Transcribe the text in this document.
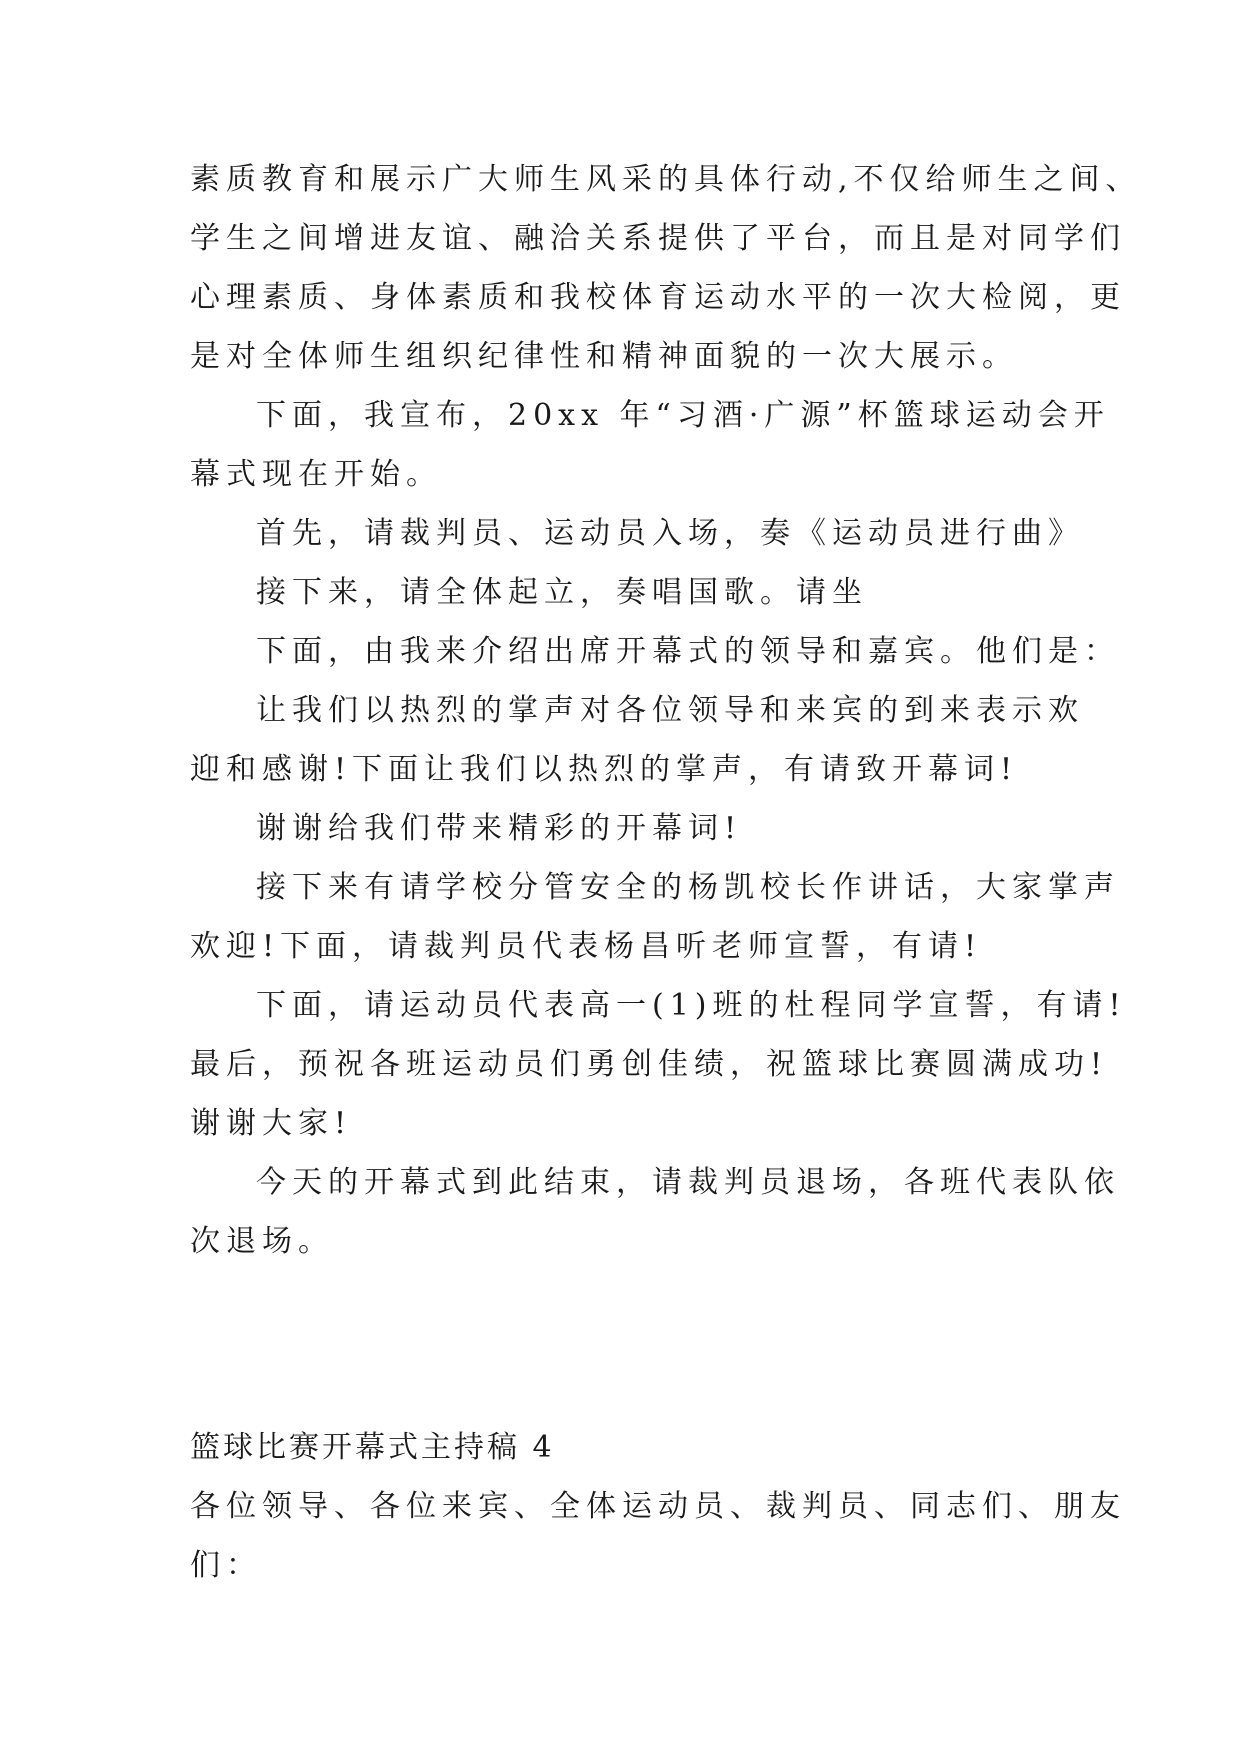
素质教育和展示广大师生风采的具体行动,不仅给师生之间、
学生之间增进友谊、融洽关系提供了平台，而且是对同学们
心理素质、身体素质和我校体育运动水平的一次大检阅，更
是对全体师生组织纪律性和精神面貌的一次大展示。
下面，我宣布，20xx 年“习酒·广源”杯篮球运动会开
幕式现在开始。
首先，请裁判员、运动员入场，奏《运动员进行曲》
接下来，请全体起立，奏唱国歌。请坐
下面，由我来介绍出席开幕式的领导和嘉宾。他们是：
让我们以热烈的掌声对各位领导和来宾的到来表示欢
迎和感谢!下面让我们以热烈的掌声，有请致开幕词!
谢谢给我们带来精彩的开幕词!
接下来有请学校分管安全的杨凯校长作讲话，大家掌声
欢迎!下面，请裁判员代表杨昌听老师宣誓，有请!
下面，请运动员代表高一(1)班的杜程同学宣誓，有请!
最后，预祝各班运动员们勇创佳绩，祝篮球比赛圆满成功!
谢谢大家!
今天的开幕式到此结束，请裁判员退场，各班代表队依
次退场。
篮球比赛开幕式主持稿 4
各位领导、各位来宾、全体运动员、裁判员、同志们、朋友
们：
